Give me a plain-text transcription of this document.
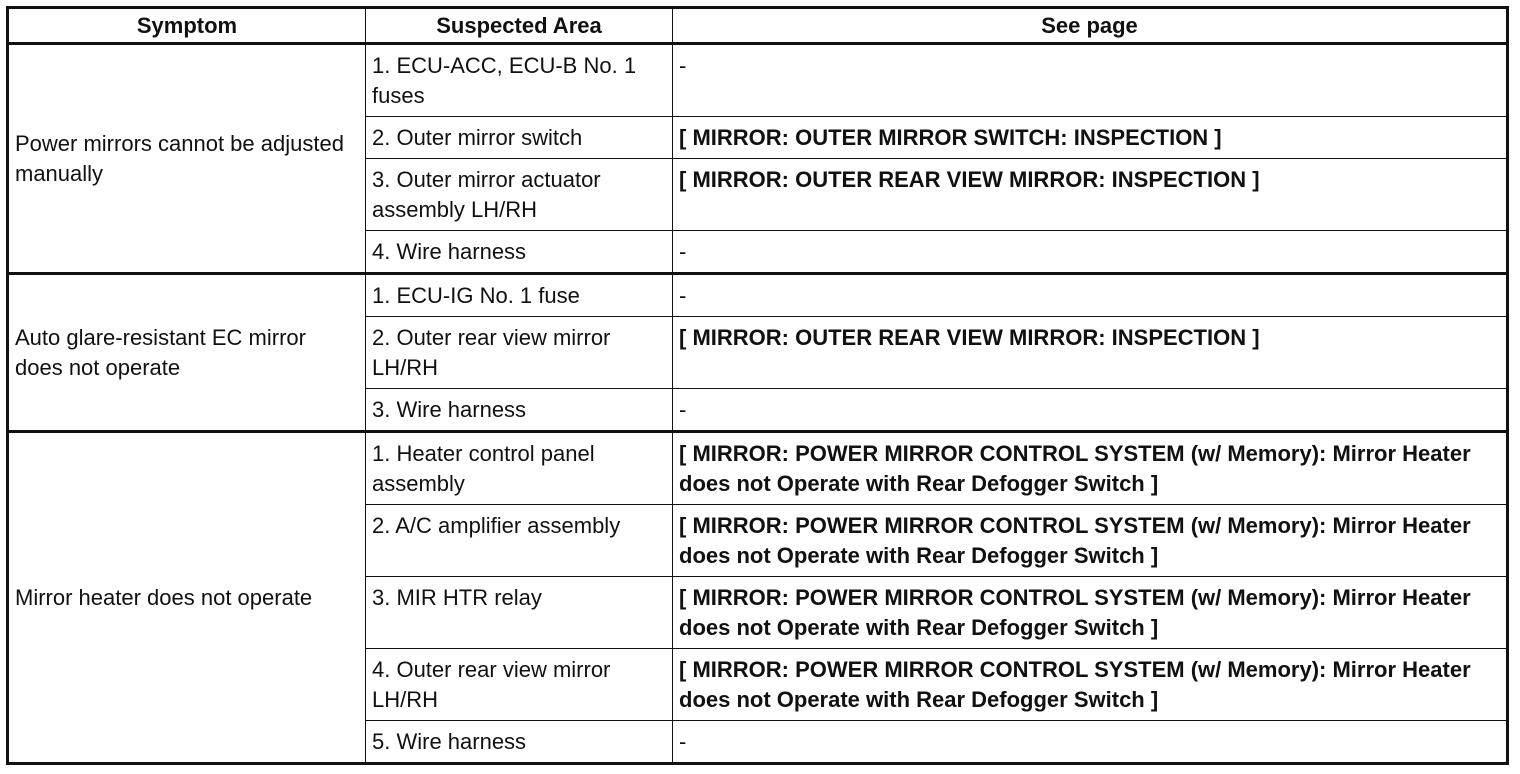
Symptom	Suspected Area	See page
Power mirrors cannot be adjusted manually	1. ECU-ACC, ECU-B No. 1 fuses	-
	2. Outer mirror switch	[ MIRROR: OUTER MIRROR SWITCH: INSPECTION ]
	3. Outer mirror actuator assembly LH/RH	[ MIRROR: OUTER REAR VIEW MIRROR: INSPECTION ]
	4. Wire harness	-
Auto glare-resistant EC mirror does not operate	1. ECU-IG No. 1 fuse	-
	2. Outer rear view mirror LH/RH	[ MIRROR: OUTER REAR VIEW MIRROR: INSPECTION ]
	3. Wire harness	-
Mirror heater does not operate	1. Heater control panel assembly	[ MIRROR: POWER MIRROR CONTROL SYSTEM (w/ Memory): Mirror Heater does not Operate with Rear Defogger Switch ]
	2. A/C amplifier assembly	[ MIRROR: POWER MIRROR CONTROL SYSTEM (w/ Memory): Mirror Heater does not Operate with Rear Defogger Switch ]
	3. MIR HTR relay	[ MIRROR: POWER MIRROR CONTROL SYSTEM (w/ Memory): Mirror Heater does not Operate with Rear Defogger Switch ]
	4. Outer rear view mirror LH/RH	[ MIRROR: POWER MIRROR CONTROL SYSTEM (w/ Memory): Mirror Heater does not Operate with Rear Defogger Switch ]
	5. Wire harness	-
